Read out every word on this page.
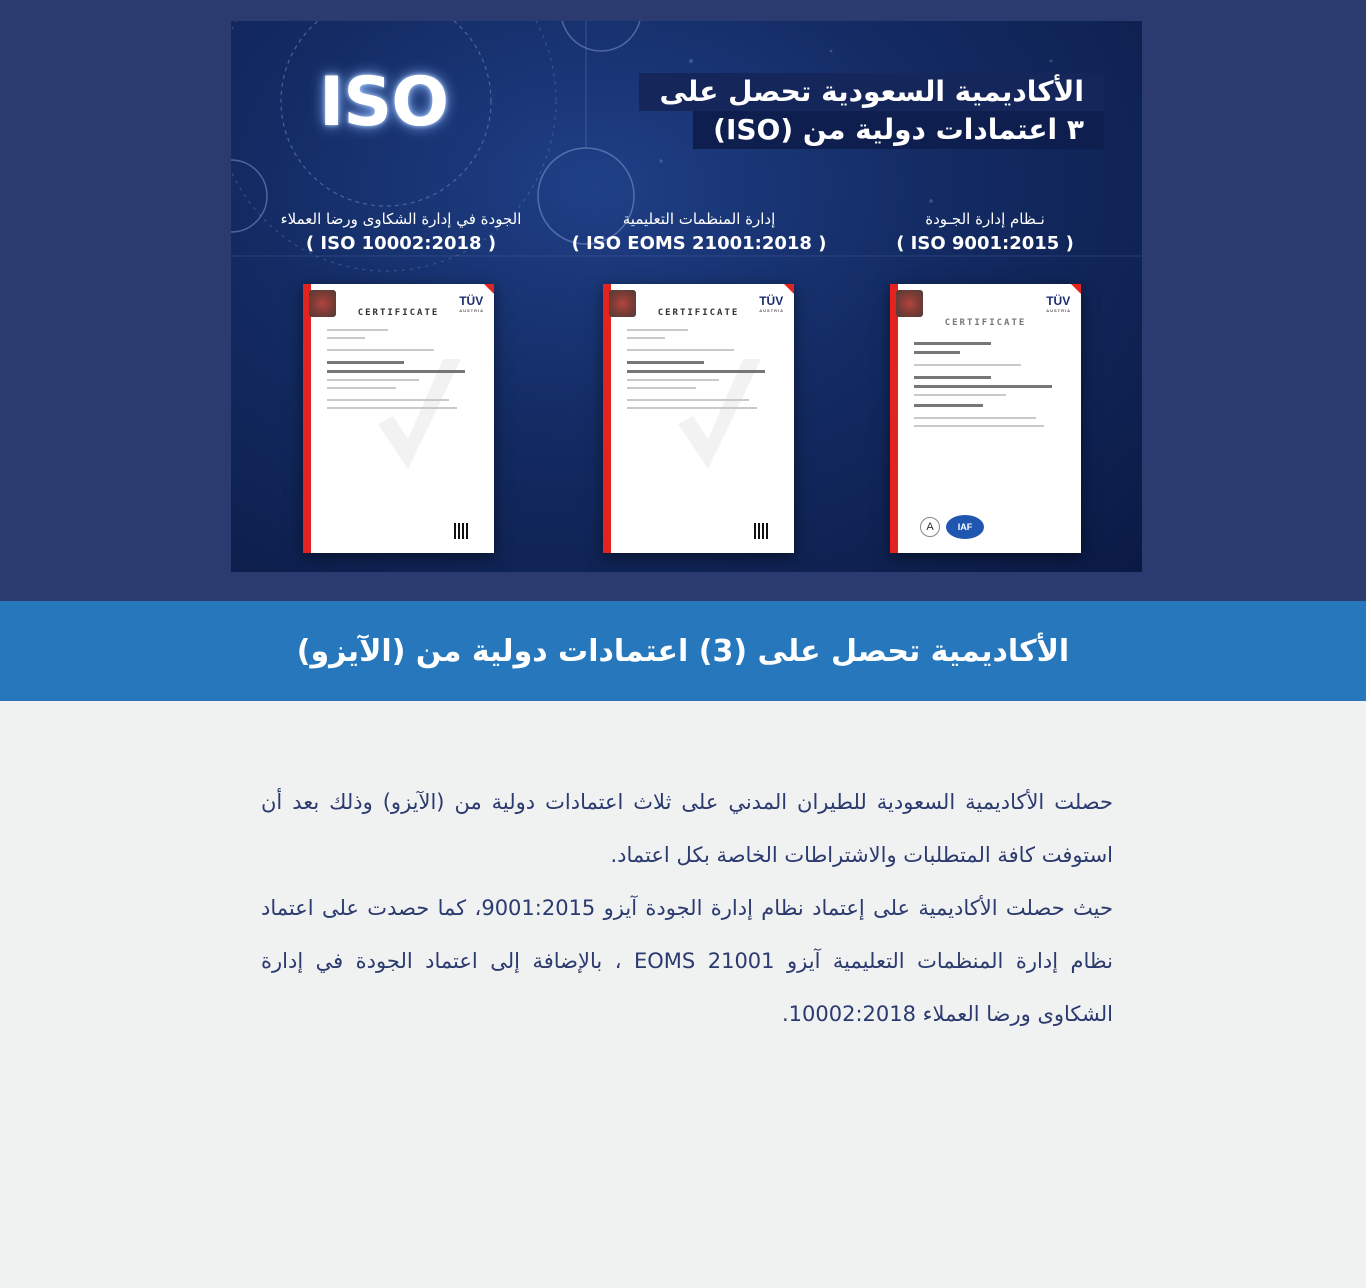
ISO	الأكاديمية السعودية تحصل على
٣ اعتمادات دولية من (ISO)
الجودة في إدارة الشكاوى ورضا العملاء
( ISO 10002:2018 )
إدارة المنظمات التعليمية
( ISO EOMS 21001:2018 )
نـظام إدارة الجـودة
( ISO 9001:2015 )
TÜV
AUSTRIA
CERTIFICATE
TÜV
AUSTRIA
CERTIFICATE
TÜV
AUSTRIA
CERTIFICATE
A	IAF
الأكاديمية تحصل على (3) اعتمادات دولية من (الآيزو)

حصلت الأكاديمية السعودية للطيران المدني على ثلاث اعتمادات دولية من (الآيزو) وذلك بعد أن استوفت كافة المتطلبات والاشتراطات الخاصة بكل اعتماد.

حيث حصلت الأكاديمية على إعتماد نظام إدارة الجودة آيزو 9001:2015، كما حصدت على اعتماد نظام إدارة المنظمات التعليمية آيزو EOMS 21001 ، بالإضافة إلى اعتماد الجودة في إدارة الشكاوى ورضا العملاء 10002:2018.
